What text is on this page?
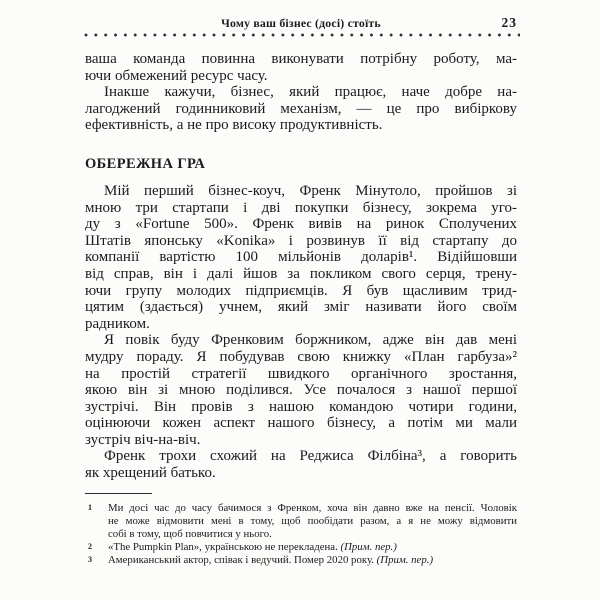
Чому ваш бізнес (досі) стоїть	23
ваша команда повинна виконувати потрібну роботу, ма-
ючи обмежений ресурс часу.
Інакше кажучи, бізнес, який працює, наче добре на-
лагоджений годинниковий механізм, — це про вибіркову
ефективність, а не про високу продуктивність.
ОБЕРЕЖНА ГРА
Мій перший бізнес-коуч, Френк Мінутоло, пройшов зі
мною три стартапи і дві покупки бізнесу, зокрема уго-
ду з «Fortune 500». Френк вивів на ринок Сполучених
Штатів японську «Konika» і розвинув її від стартапу до
компанії вартістю 100 мільйонів доларів¹. Відійшовши
від справ, він і далі йшов за покликом свого серця, трену-
ючи групу молодих підприємців. Я був щасливим трид-
цятим (здається) учнем, який зміг називати його своїм
радником.
Я повік буду Френковим боржником, адже він дав мені
мудру пораду. Я побудував свою книжку «План гарбуза»²
на простій стратегії швидкого органічного зростання,
якою він зі мною поділився. Усе почалося з нашої першої
зустрічі. Він провів з нашою командою чотири години,
оцінюючи кожен аспект нашого бізнесу, а потім ми мали
зустріч віч-на-віч.
Френк трохи схожий на Реджиса Філбіна³, а говорить
як хрещений батько.
1 Ми досі час до часу бачимося з Френком, хоча він давно вже на пенсії. Чоловік
не може відмовити мені в тому, щоб пообідати разом, а я не можу відмовити
собі в тому, щоб повчитися у нього.
2 «The Pumpkin Plan», українською не перекладена. (Прим. пер.)
3 Американський актор, співак і ведучий. Помер 2020 року. (Прим. пер.)
